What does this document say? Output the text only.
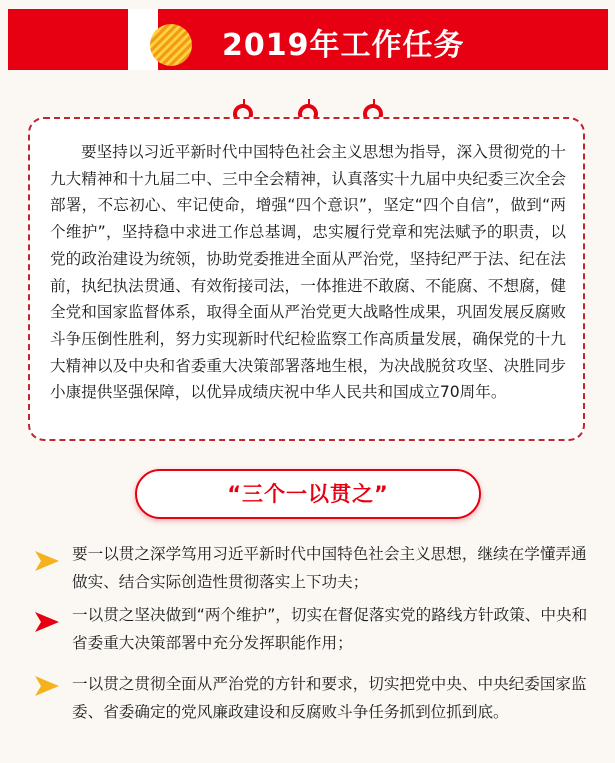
2019年工作任务

要坚持以习近平新时代中国特色社会主义思想为指导，深入贯彻党的十九大精神和十九届二中、三中全会精神，认真落实十九届中央纪委三次全会部署，不忘初心、牢记使命，增强“四个意识”，坚定“四个自信”，做到“两个维护”，坚持稳中求进工作总基调，忠实履行党章和宪法赋予的职责，以党的政治建设为统领，协助党委推进全面从严治党，坚持纪严于法、纪在法前，执纪执法贯通、有效衔接司法，一体推进不敢腐、不能腐、不想腐，健全党和国家监督体系，取得全面从严治党更大战略性成果，巩固发展反腐败斗争压倒性胜利，努力实现新时代纪检监察工作高质量发展，确保党的十九大精神以及中央和省委重大决策部署落地生根，为决战脱贫攻坚、决胜同步小康提供坚强保障，以优异成绩庆祝中华人民共和国成立70周年。

“三个一以贯之”

要一以贯之深学笃用习近平新时代中国特色社会主义思想，继续在学懂弄通做实、结合实际创造性贯彻落实上下功夫；

一以贯之坚决做到“两个维护”，切实在督促落实党的路线方针政策、中央和省委重大决策部署中充分发挥职能作用；

一以贯之贯彻全面从严治党的方针和要求，切实把党中央、中央纪委国家监委、省委确定的党风廉政建设和反腐败斗争任务抓到位抓到底。
